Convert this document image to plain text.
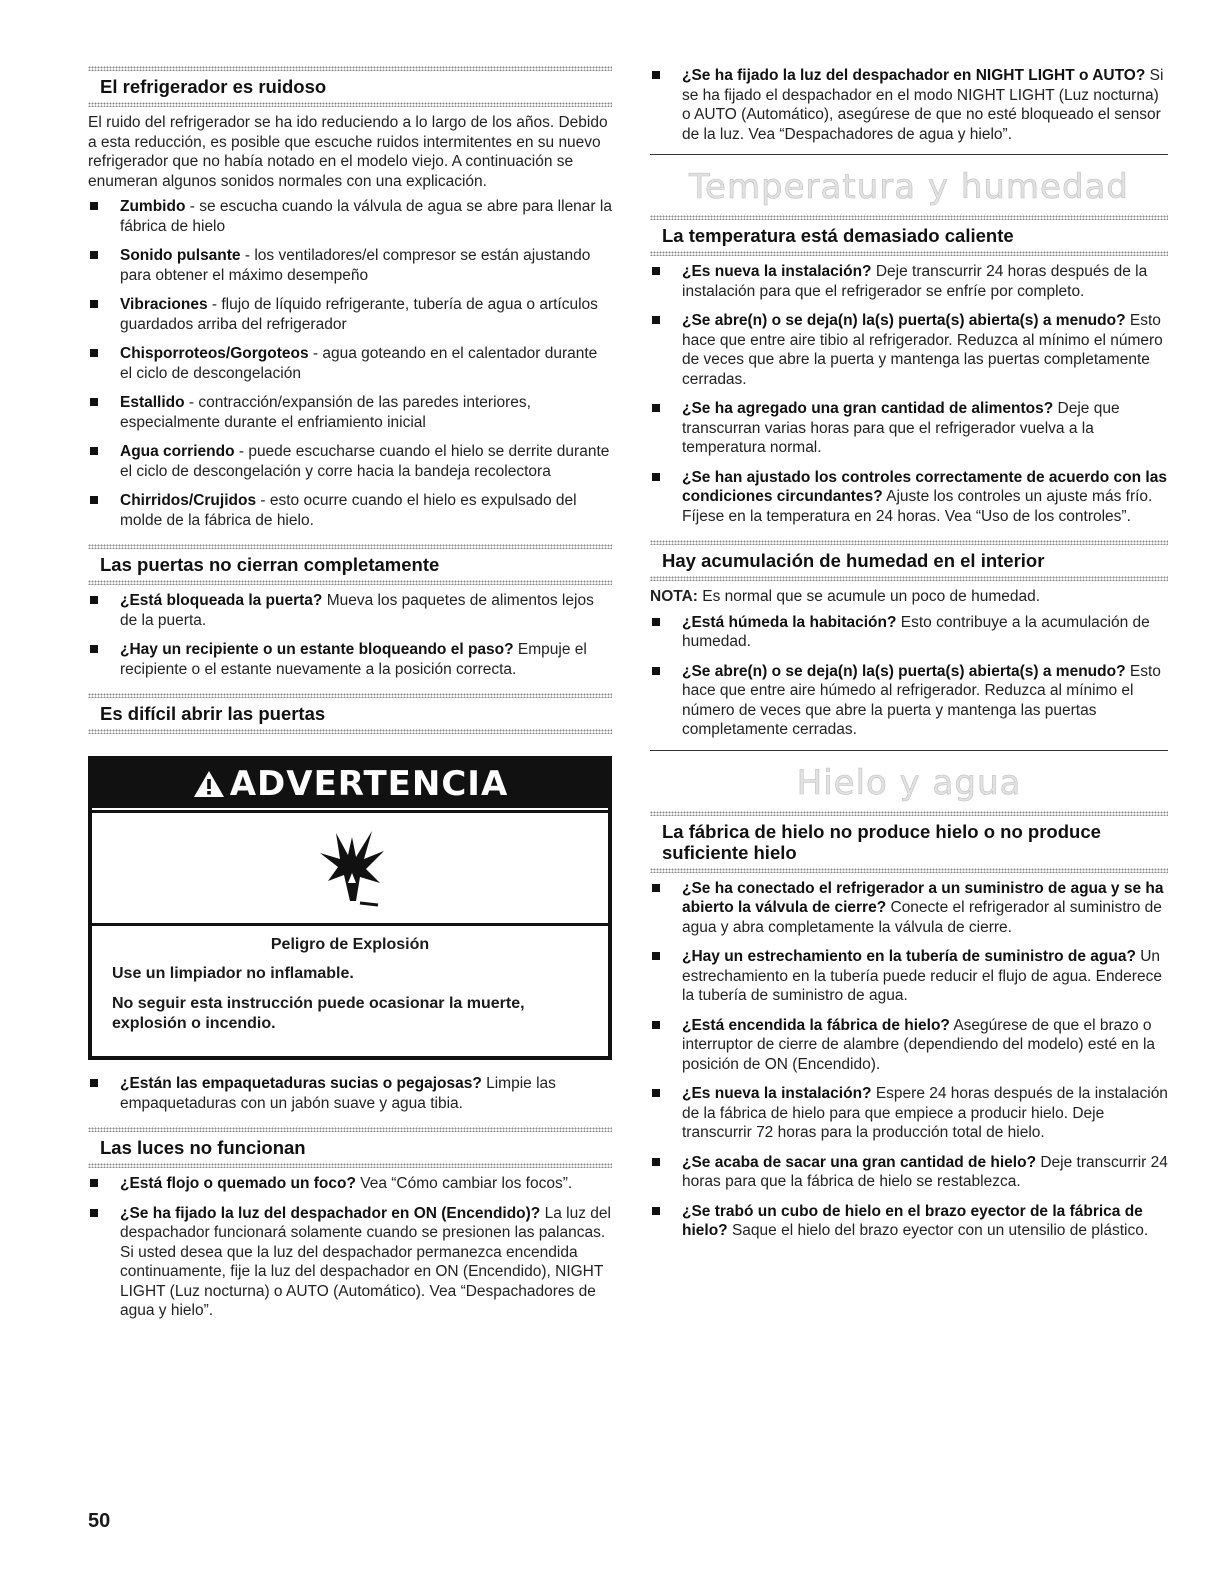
El refrigerador es ruidoso
El ruido del refrigerador se ha ido reduciendo a lo largo de los años. Debido a esta reducción, es posible que escuche ruidos intermitentes en su nuevo refrigerador que no había notado en el modelo viejo. A continuación se enumeran algunos sonidos normales con una explicación.
Zumbido - se escucha cuando la válvula de agua se abre para llenar la fábrica de hielo
Sonido pulsante - los ventiladores/el compresor se están ajustando para obtener el máximo desempeño
Vibraciones - flujo de líquido refrigerante, tubería de agua o artículos guardados arriba del refrigerador
Chisporroteos/Gorgoteos - agua goteando en el calentador durante el ciclo de descongelación
Estallido - contracción/expansión de las paredes interiores, especialmente durante el enfriamiento inicial
Agua corriendo - puede escucharse cuando el hielo se derrite durante el ciclo de descongelación y corre hacia la bandeja recolectora
Chirridos/Crujidos - esto ocurre cuando el hielo es expulsado del molde de la fábrica de hielo.
Las puertas no cierran completamente
¿Está bloqueada la puerta? Mueva los paquetes de alimentos lejos de la puerta.
¿Hay un recipiente o un estante bloqueando el paso? Empuje el recipiente o el estante nuevamente a la posición correcta.
Es difícil abrir las puertas
ADVERTENCIA
Peligro de Explosión
Use un limpiador no inflamable.
No seguir esta instrucción puede ocasionar la muerte, explosión o incendio.
¿Están las empaquetaduras sucias o pegajosas? Limpie las empaquetaduras con un jabón suave y agua tibia.
Las luces no funcionan
¿Está flojo o quemado un foco? Vea “Cómo cambiar los focos”.
¿Se ha fijado la luz del despachador en ON (Encendido)? La luz del despachador funcionará solamente cuando se presionen las palancas. Si usted desea que la luz del despachador permanezca encendida continuamente, fije la luz del despachador en ON (Encendido), NIGHT LIGHT (Luz nocturna) o AUTO (Automático). Vea “Despachadores de agua y hielo”.
¿Se ha fijado la luz del despachador en NIGHT LIGHT o AUTO? Si se ha fijado el despachador en el modo NIGHT LIGHT (Luz nocturna) o AUTO (Automático), asegúrese de que no esté bloqueado el sensor de la luz. Vea “Despachadores de agua y hielo”.
Temperatura y humedad
La temperatura está demasiado caliente
¿Es nueva la instalación? Deje transcurrir 24 horas después de la instalación para que el refrigerador se enfríe por completo.
¿Se abre(n) o se deja(n) la(s) puerta(s) abierta(s) a menudo? Esto hace que entre aire tibio al refrigerador. Reduzca al mínimo el número de veces que abre la puerta y mantenga las puertas completamente cerradas.
¿Se ha agregado una gran cantidad de alimentos? Deje que transcurran varias horas para que el refrigerador vuelva a la temperatura normal.
¿Se han ajustado los controles correctamente de acuerdo con las condiciones circundantes? Ajuste los controles un ajuste más frío. Fíjese en la temperatura en 24 horas. Vea “Uso de los controles”.
Hay acumulación de humedad en el interior
NOTA: Es normal que se acumule un poco de humedad.
¿Está húmeda la habitación? Esto contribuye a la acumulación de humedad.
¿Se abre(n) o se deja(n) la(s) puerta(s) abierta(s) a menudo? Esto hace que entre aire húmedo al refrigerador. Reduzca al mínimo el número de veces que abre la puerta y mantenga las puertas completamente cerradas.
Hielo y agua
La fábrica de hielo no produce hielo o no produce suficiente hielo
¿Se ha conectado el refrigerador a un suministro de agua y se ha abierto la válvula de cierre? Conecte el refrigerador al suministro de agua y abra completamente la válvula de cierre.
¿Hay un estrechamiento en la tubería de suministro de agua? Un estrechamiento en la tubería puede reducir el flujo de agua. Enderece la tubería de suministro de agua.
¿Está encendida la fábrica de hielo? Asegúrese de que el brazo o interruptor de cierre de alambre (dependiendo del modelo) esté en la posición de ON (Encendido).
¿Es nueva la instalación? Espere 24 horas después de la instalación de la fábrica de hielo para que empiece a producir hielo. Deje transcurrir 72 horas para la producción total de hielo.
¿Se acaba de sacar una gran cantidad de hielo? Deje transcurrir 24 horas para que la fábrica de hielo se restablezca.
¿Se trabó un cubo de hielo en el brazo eyector de la fábrica de hielo? Saque el hielo del brazo eyector con un utensilio de plástico.
50
